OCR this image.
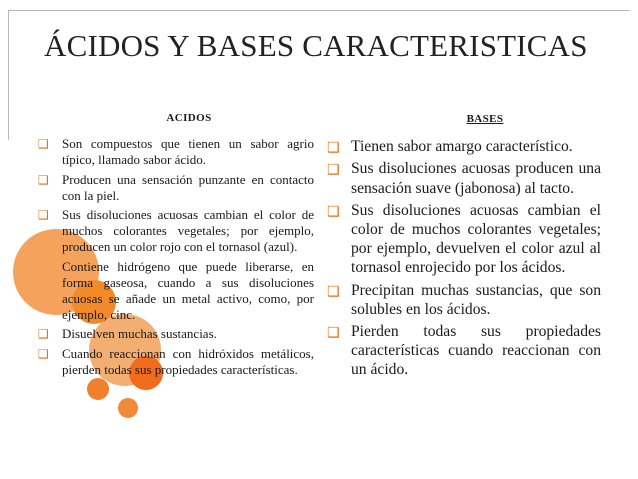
ÁCIDOS Y BASES CARACTERISTICAS
ACIDOS
❑ Son compuestos que tienen un sabor agrio típico, llamado sabor ácido.
❑ Producen una sensación punzante en contacto con la piel.
❑ Sus disoluciones acuosas cambian el color de muchos colorantes vegetales; por ejemplo, producen un color rojo con el tornasol (azul).
Contiene hidrógeno que puede liberarse, en forma gaseosa, cuando a sus disoluciones acuosas se añade un metal activo, como, por ejemplo, cinc.
❑ Disuelven muchas sustancias.
❑ Cuando reaccionan con hidróxidos metálicos, pierden todas sus propiedades características.
BASES
❑ Tienen sabor amargo característico.
❑ Sus disoluciones acuosas producen una sensación suave (jabonosa) al tacto.
❑ Sus disoluciones acuosas cambian el color de muchos colorantes vegetales; por ejemplo, devuelven el color azul al tornasol enrojecido por los ácidos.
❑ Precipitan muchas sustancias, que son solubles en los ácidos.
❑ Pierden todas sus propiedades características cuando reaccionan con un ácido.
